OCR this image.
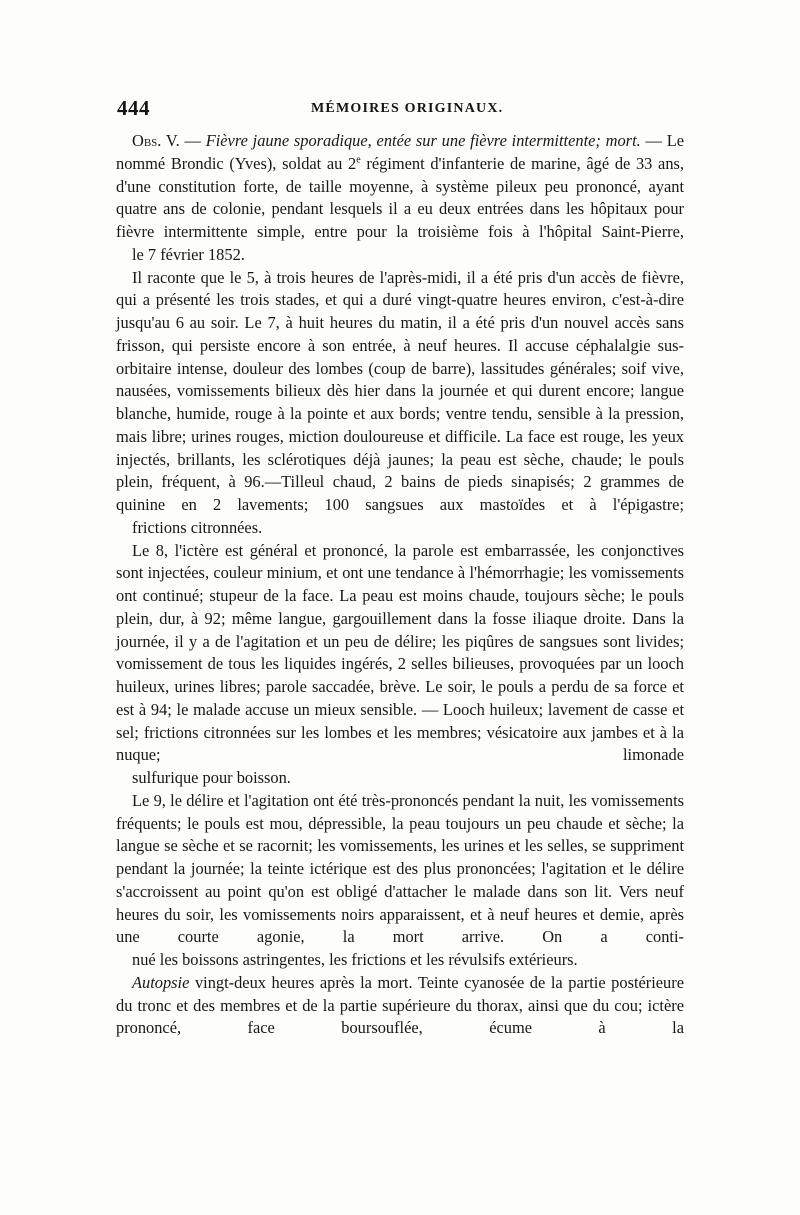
444	MÉMOIRES ORIGINAUX.

Obs. V. — Fièvre jaune sporadique, entée sur une fièvre intermittente; mort. — Le nommé Brondic (Yves), soldat au 2e régiment d'infanterie de marine, âgé de 33 ans, d'une constitution forte, de taille moyenne, à système pileux peu prononcé, ayant quatre ans de colonie, pendant lesquels il a eu deux entrées dans les hôpitaux pour fièvre intermittente simple, entre pour la troisième fois à l'hôpital Saint-Pierre,
le 7 février 1852.

Il raconte que le 5, à trois heures de l'après-midi, il a été pris d'un accès de fièvre, qui a présenté les trois stades, et qui a duré vingt-quatre heures environ, c'est-à-dire jusqu'au 6 au soir. Le 7, à huit heures du matin, il a été pris d'un nouvel accès sans frisson, qui persiste encore à son entrée, à neuf heures. Il accuse céphalalgie sus-orbitaire intense, douleur des lombes (coup de barre), lassitudes générales; soif vive, nausées, vomissements bilieux dès hier dans la journée et qui durent encore; langue blanche, humide, rouge à la pointe et aux bords; ventre tendu, sensible à la pression, mais libre; urines rouges, miction douloureuse et difficile. La face est rouge, les yeux injectés, brillants, les sclérotiques déjà jaunes; la peau est sèche, chaude; le pouls plein, fréquent, à 96.—Tilleul chaud, 2 bains de pieds sinapisés; 2 grammes de quinine en 2 lavements; 100 sangsues aux mastoïdes et à l'épigastre;
frictions citronnées.

Le 8, l'ictère est général et prononcé, la parole est embarrassée, les conjonctives sont injectées, couleur minium, et ont une tendance à l'hémorrhagie; les vomissements ont continué; stupeur de la face. La peau est moins chaude, toujours sèche; le pouls plein, dur, à 92; même langue, gargouillement dans la fosse iliaque droite. Dans la journée, il y a de l'agitation et un peu de délire; les piqûres de sangsues sont livides; vomissement de tous les liquides ingérés, 2 selles bilieuses, provoquées par un looch huileux, urines libres; parole saccadée, brève. Le soir, le pouls a perdu de sa force et est à 94; le malade accuse un mieux sensible. — Looch huileux; lavement de casse et sel; frictions citronnées sur les lombes et les membres; vésicatoire aux jambes et à la nuque; limonade
sulfurique pour boisson.

Le 9, le délire et l'agitation ont été très-prononcés pendant la nuit, les vomissements fréquents; le pouls est mou, dépressible, la peau toujours un peu chaude et sèche; la langue se sèche et se racornit; les vomissements, les urines et les selles, se suppriment pendant la journée; la teinte ictérique est des plus prononcées; l'agitation et le délire s'accroissent au point qu'on est obligé d'attacher le malade dans son lit. Vers neuf heures du soir, les vomissements noirs apparaissent, et à neuf heures et demie, après une courte agonie, la mort arrive. On a conti-
nué les boissons astringentes, les frictions et les révulsifs extérieurs.

Autopsie vingt-deux heures après la mort. Teinte cyanosée de la partie postérieure du tronc et des membres et de la partie supérieure du thorax, ainsi que du cou; ictère prononcé, face boursouflée, écume à la
